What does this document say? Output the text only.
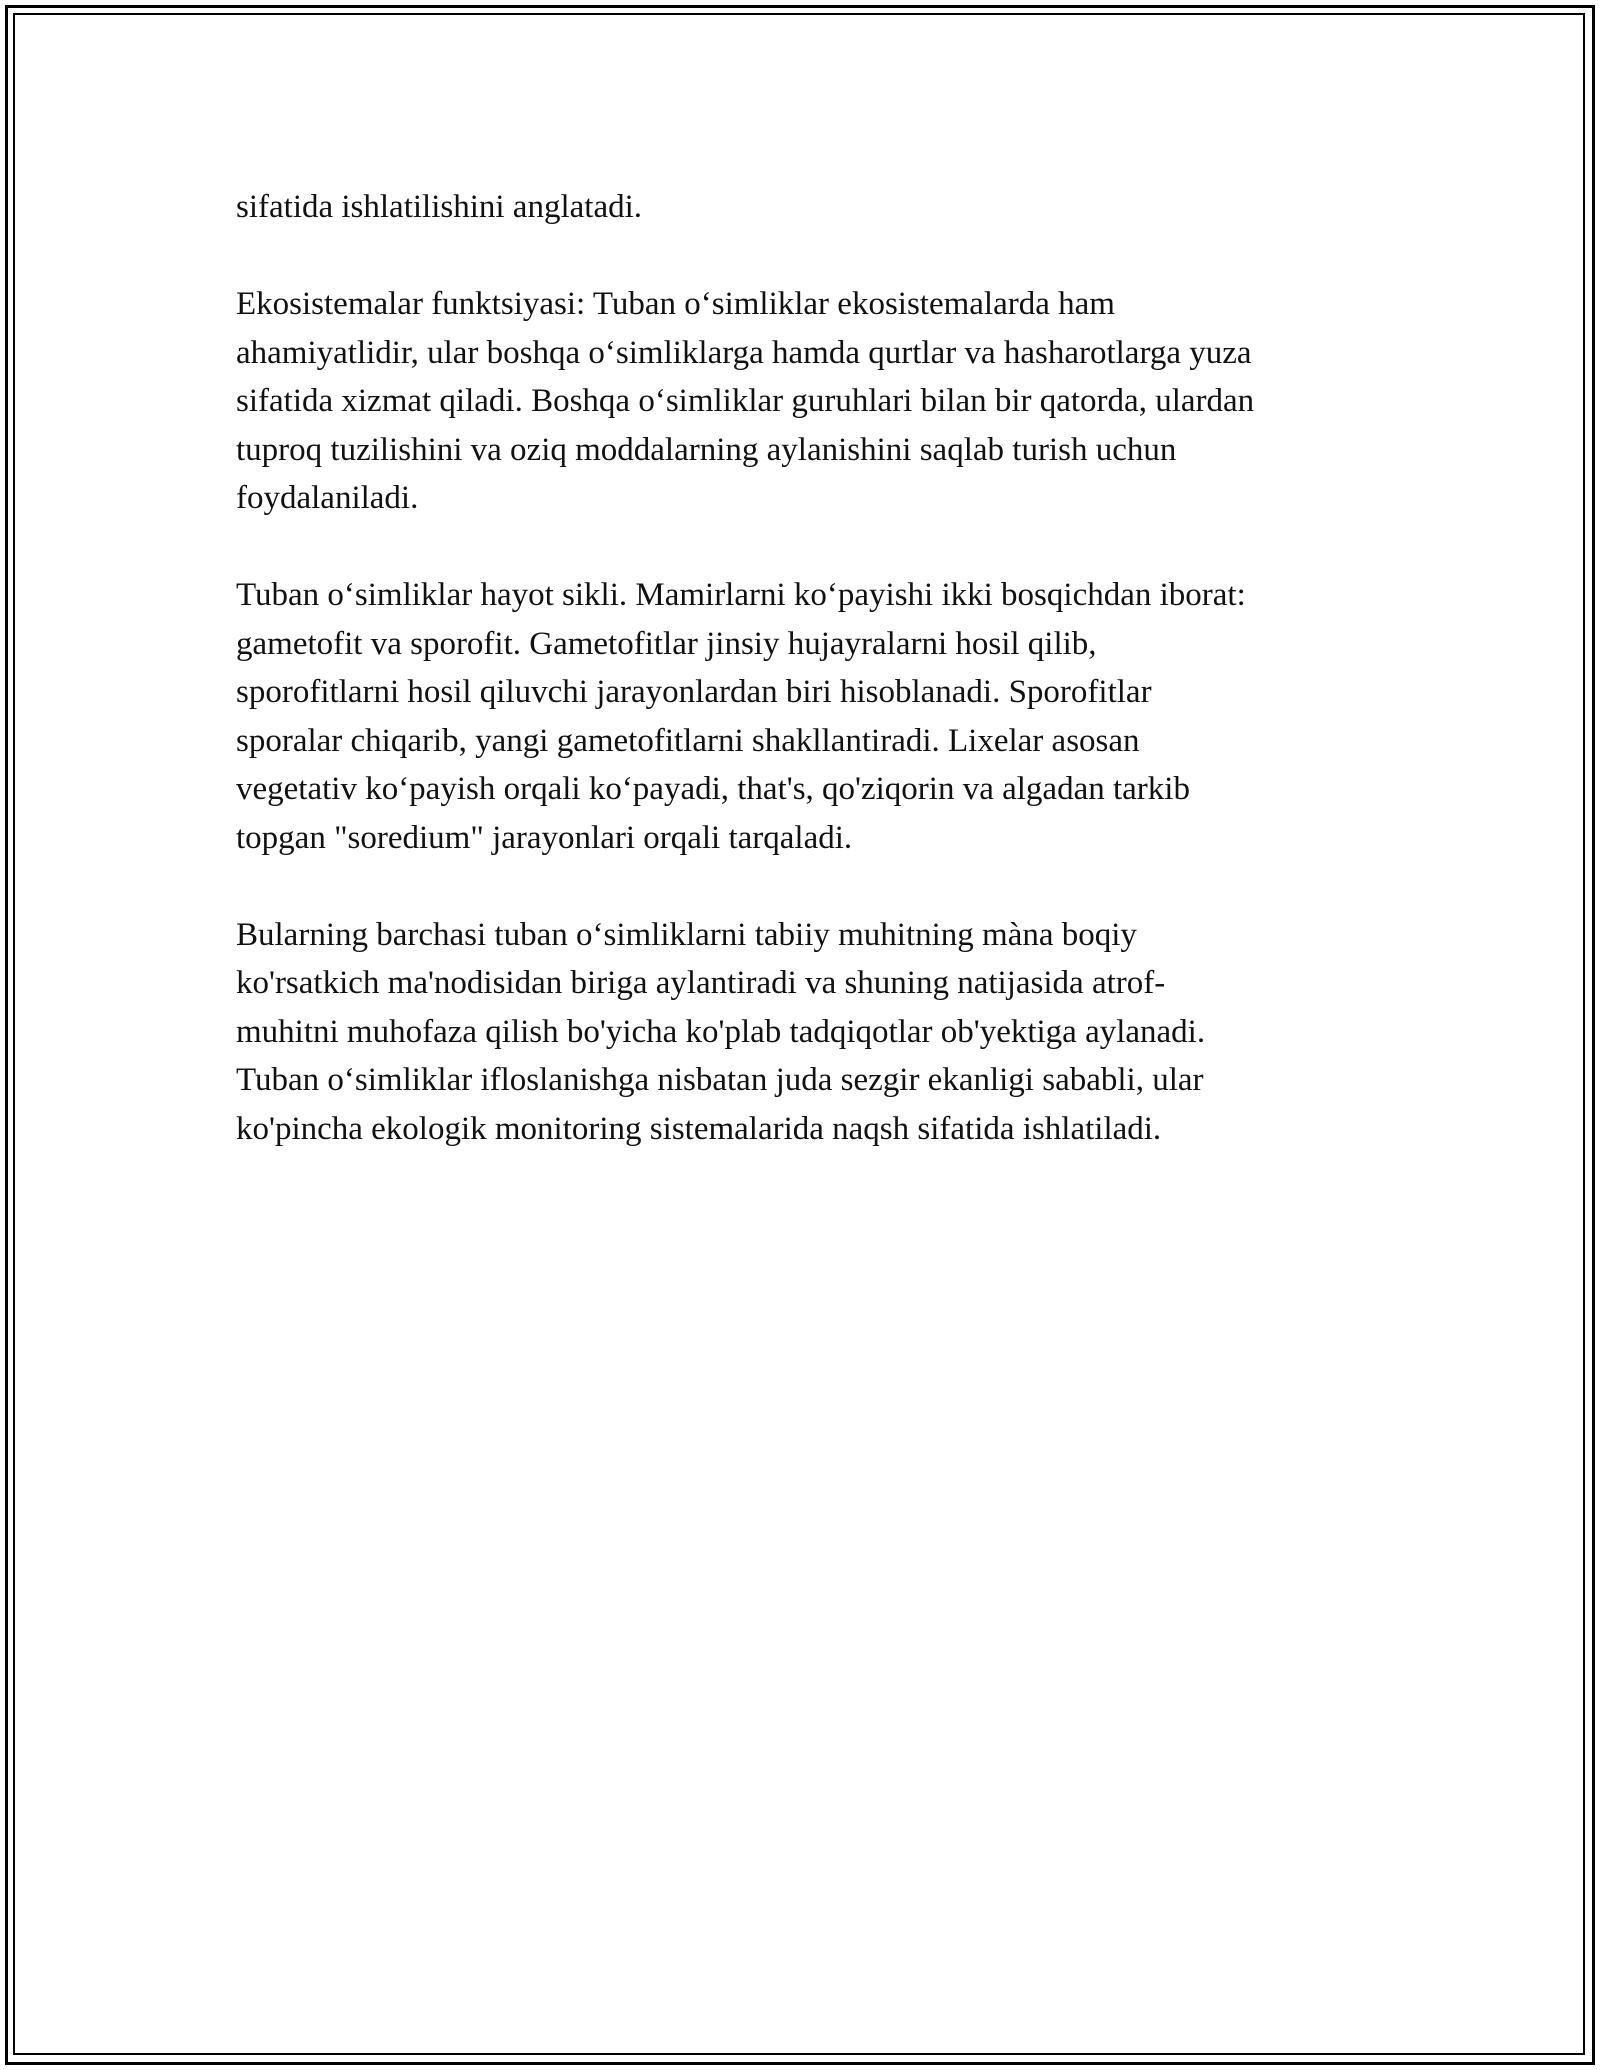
sifatida ishlatilishini anglatadi.

Ekosistemalar funktsiyasi: Tuban o‘simliklar ekosistemalarda ham
ahamiyatlidir, ular boshqa o‘simliklarga hamda qurtlar va hasharotlarga yuza
sifatida xizmat qiladi. Boshqa o‘simliklar guruhlari bilan bir qatorda, ulardan
tuproq tuzilishini va oziq moddalarning aylanishini saqlab turish uchun
foydalaniladi.

Tuban o‘simliklar hayot sikli. Mamirlarni ko‘payishi ikki bosqichdan iborat:
gametofit va sporofit. Gametofitlar jinsiy hujayralarni hosil qilib,
sporofitlarni hosil qiluvchi jarayonlardan biri hisoblanadi. Sporofitlar
sporalar chiqarib, yangi gametofitlarni shakllantiradi. Lixelar asosan
vegetativ ko‘payish orqali ko‘payadi, that's, qo'ziqorin va algadan tarkib
topgan "soredium" jarayonlari orqali tarqaladi.

Bularning barchasi tuban o‘simliklarni tabiiy muhitning màna boqiy
ko'rsatkich ma'nodisidan biriga aylantiradi va shuning natijasida atrof-
muhitni muhofaza qilish bo'yicha ko'plab tadqiqotlar ob'yektiga aylanadi.
Tuban o‘simliklar ifloslanishga nisbatan juda sezgir ekanligi sababli, ular
ko'pincha ekologik monitoring sistemalarida naqsh sifatida ishlatiladi.
